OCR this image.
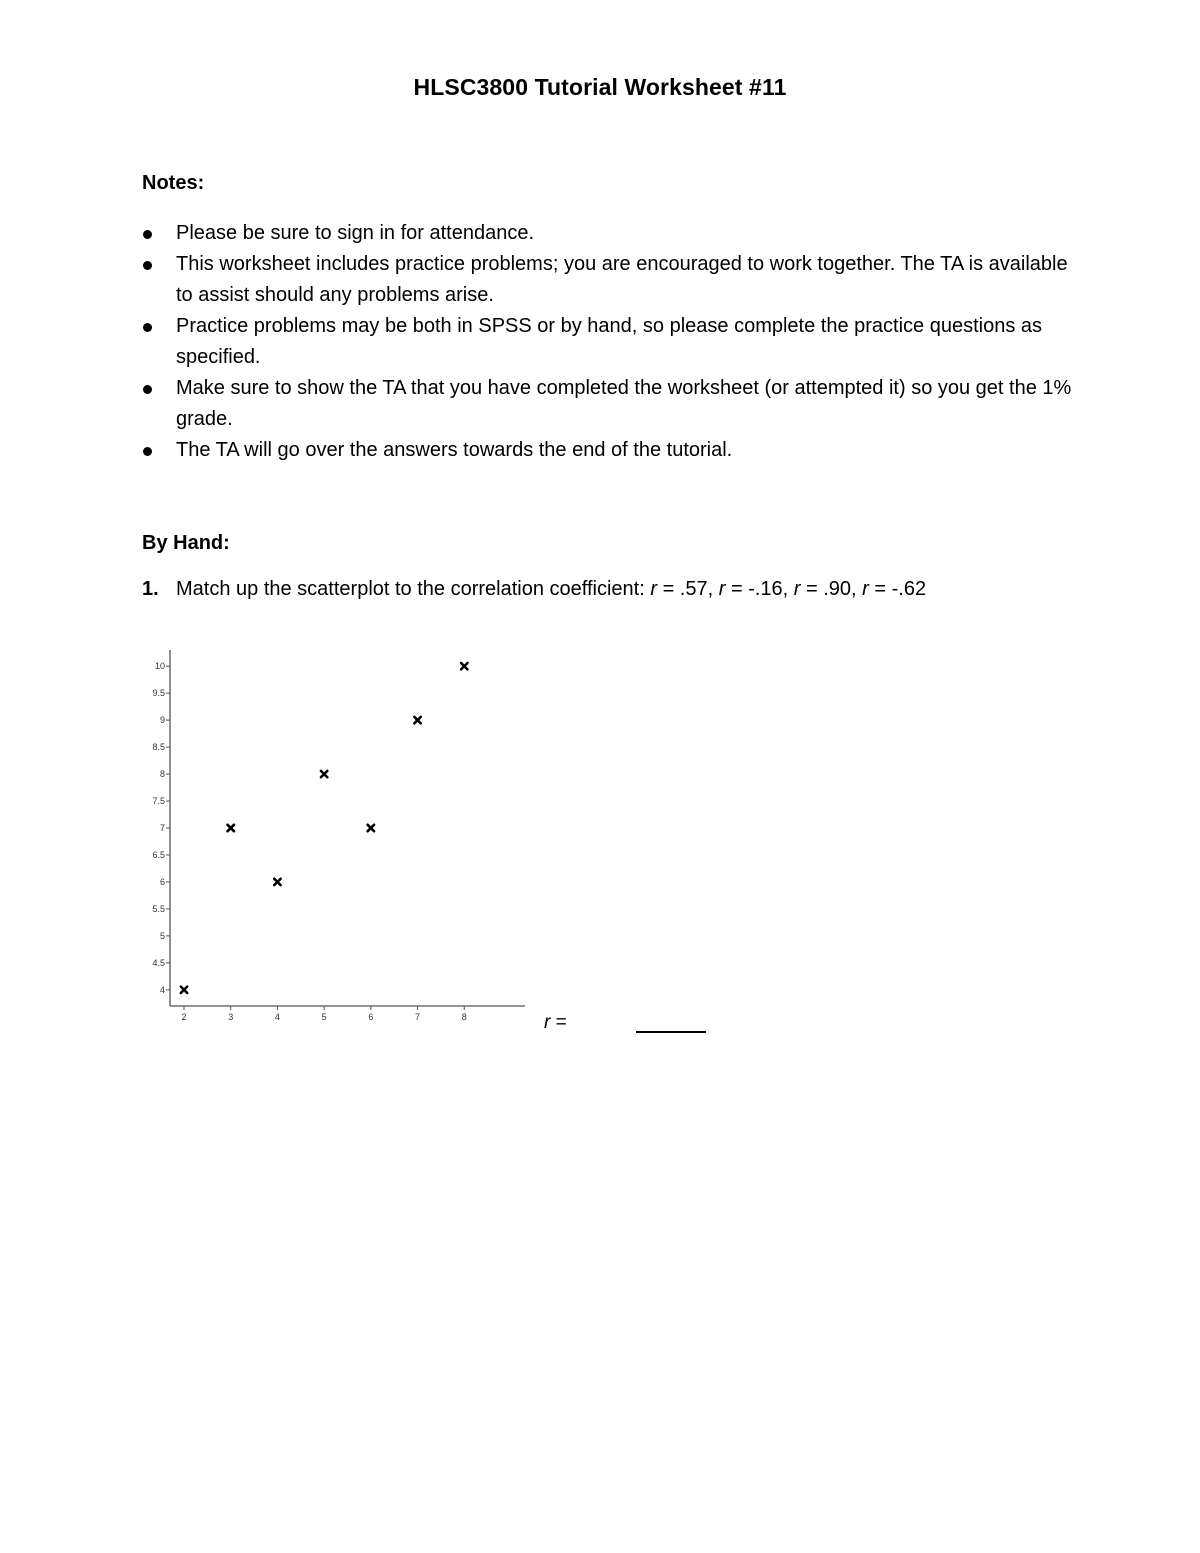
HLSC3800 Tutorial Worksheet #11
Notes:
Please be sure to sign in for attendance.
This worksheet includes practice problems; you are encouraged to work together. The TA is available to assist should any problems arise.
Practice problems may be both in SPSS or by hand, so please complete the practice questions as specified.
Make sure to show the TA that you have completed the worksheet (or attempted it) so you get the 1% grade.
The TA will go over the answers towards the end of the tutorial.
By Hand:
1. Match up the scatterplot to the correlation coefficient: r = .57, r = -.16, r = .90, r = -.62
4
4.5
5
5.5
6
6.5
7
7.5
8
8.5
9
9.5
10
2	3	4	5	6	7	8	r =
